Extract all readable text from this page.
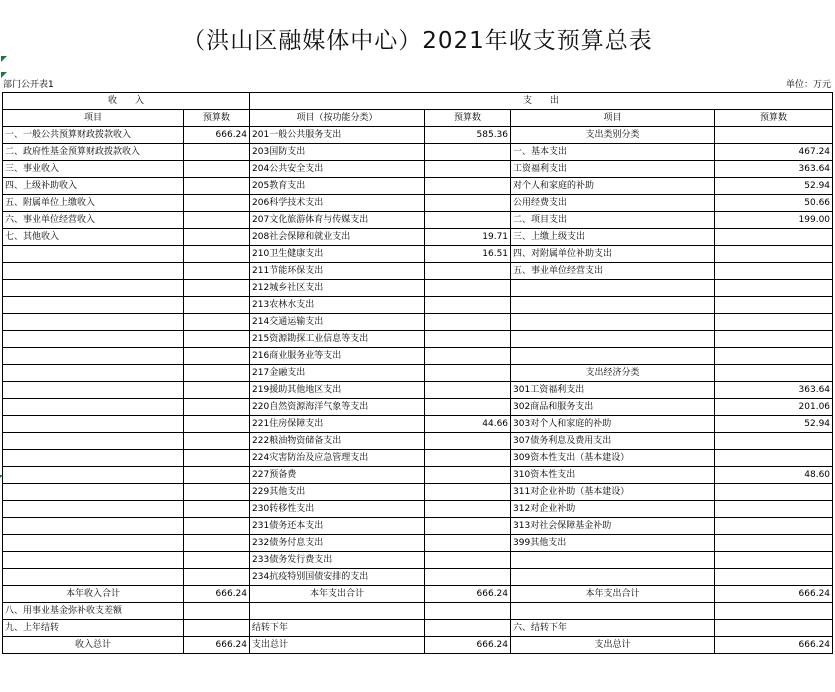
（洪山区融媒体中心）2021年收支预算总表
部门公开表1	单位：万元
收　　入		支　　出			
项目	预算数	项目（按功能分类）	预算数	项目	预算数
一、一般公共预算财政拨款收入	666.24	201一般公共服务支出	585.36	支出类别分类	
二、政府性基金预算财政拨款收入		203国防支出		一、基本支出	467.24
三、事业收入		204公共安全支出		工资福利支出	363.64
四、上级补助收入		205教育支出		对个人和家庭的补助	52.94
五、附属单位上缴收入		206科学技术支出		公用经费支出	50.66
六、事业单位经营收入		207文化旅游体育与传媒支出		二、项目支出	199.00
七、其他收入		208社会保障和就业支出	19.71	三、上缴上级支出	
		210卫生健康支出	16.51	四、对附属单位补助支出	
		211节能环保支出		五、事业单位经营支出	
		212城乡社区支出			
		213农林水支出			
		214交通运输支出			
		215资源勘探工业信息等支出			
		216商业服务业等支出			
		217金融支出		支出经济分类	
		219援助其他地区支出		301工资福利支出	363.64
		220自然资源海洋气象等支出		302商品和服务支出	201.06
		221住房保障支出	44.66	303对个人和家庭的补助	52.94
		222粮油物资储备支出		307债务利息及费用支出	
		224灾害防治及应急管理支出		309资本性支出（基本建设）	
		227预备费		310资本性支出	48.60
		229其他支出		311对企业补助（基本建设）	
		230转移性支出		312对企业补助	
		231债务还本支出		313对社会保障基金补助	
		232债务付息支出		399其他支出	
		233债务发行费支出			
		234抗疫特别国债安排的支出			
本年收入合计	666.24	本年支出合计	666.24	本年支出合计	666.24
八、用事业基金弥补收支差额					
九、上年结转		结转下年		六、结转下年	
收入总计	666.24	支出总计	666.24	支出总计	666.24
